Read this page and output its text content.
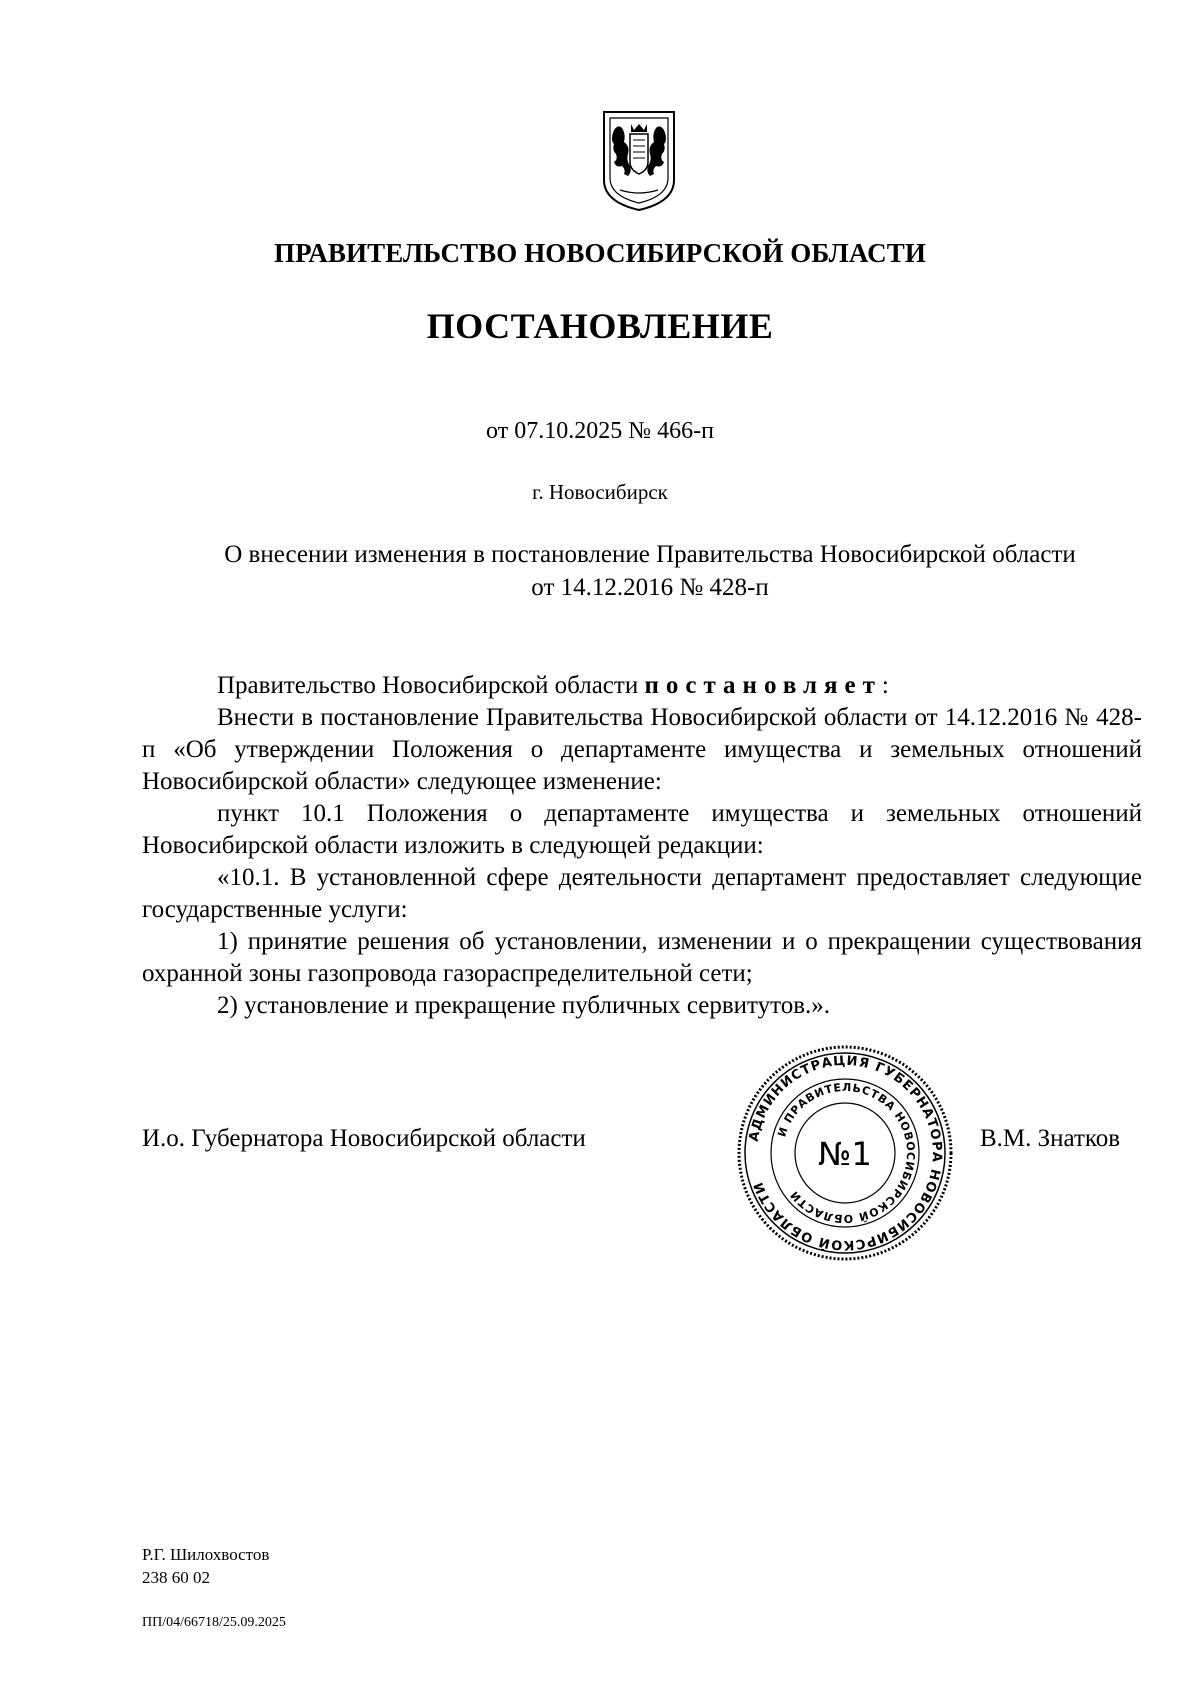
ПРАВИТЕЛЬСТВО НОВОСИБИРСКОЙ ОБЛАСТИ
ПОСТАНОВЛЕНИЕ
от 07.10.2025 № 466-п
г. Новосибирск
О внесении изменения в постановление Правительства Новосибирской области
от 14.12.2016 № 428-п

Правительство Новосибирской области постановляет:

Внести в постановление Правительства Новосибирской области от 14.12.2016 № 428-п «Об утверждении Положения о департаменте имущества и земельных отношений Новосибирской области» следующее изменение:

пункт 10.1 Положения о департаменте имущества и земельных отношений Новосибирской области изложить в следующей редакции:

«10.1. В установленной сфере деятельности департамент предоставляет следующие государственные услуги:

1) принятие решения об установлении, изменении и о прекращении существования охранной зоны газопровода газораспределительной сети;

2) установление и прекращение публичных сервитутов.».

И.о. Губернатора Новосибирской области	В.М. Знатков
АДМИНИСТРАЦИЯ ГУБЕРНАТОРА НОВОСИБИРСКОЙ ОБЛАСТИ
И ПРАВИТЕЛЬСТВА НОВОСИБИРСКОЙ ОБЛАСТИ
№1
Р.Г. Шилохвостов
238 60 02
ПП/04/66718/25.09.2025
